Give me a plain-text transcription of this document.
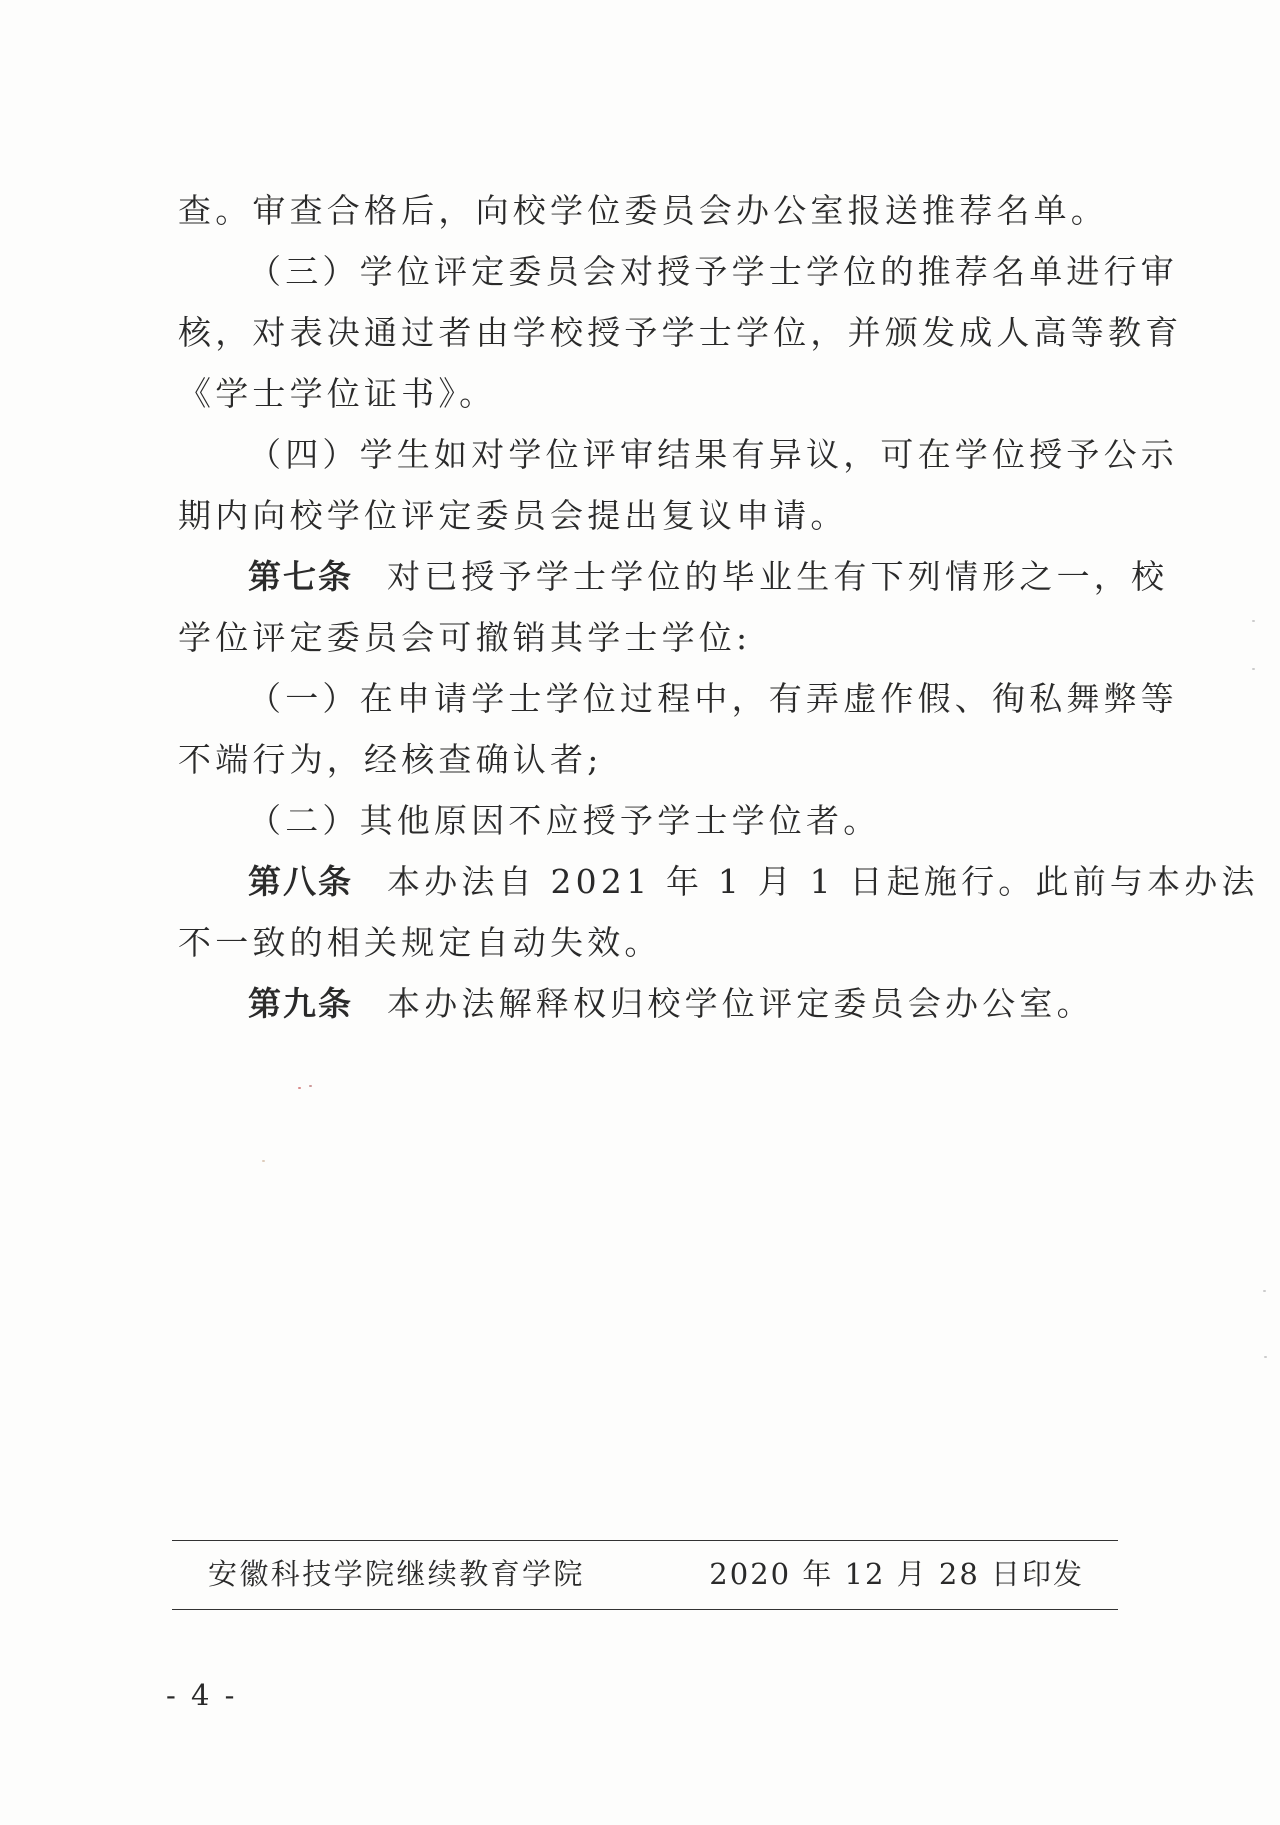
查。审查合格后，向校学位委员会办公室报送推荐名单。
（三）学位评定委员会对授予学士学位的推荐名单进行审
核，对表决通过者由学校授予学士学位，并颁发成人高等教育
《学士学位证书》。
（四）学生如对学位评审结果有异议，可在学位授予公示
期内向校学位评定委员会提出复议申请。
第七条 对已授予学士学位的毕业生有下列情形之一，校
学位评定委员会可撤销其学士学位:
（一）在申请学士学位过程中，有弄虚作假、徇私舞弊等
不端行为，经核查确认者;
（二）其他原因不应授予学士学位者。
第八条 本办法自 2021 年 1 月 1 日起施行。此前与本办法
不一致的相关规定自动失效。
第九条 本办法解释权归校学位评定委员会办公室。
安徽科技学院继续教育学院	2020 年 12 月 28 日印发
- 4 -
